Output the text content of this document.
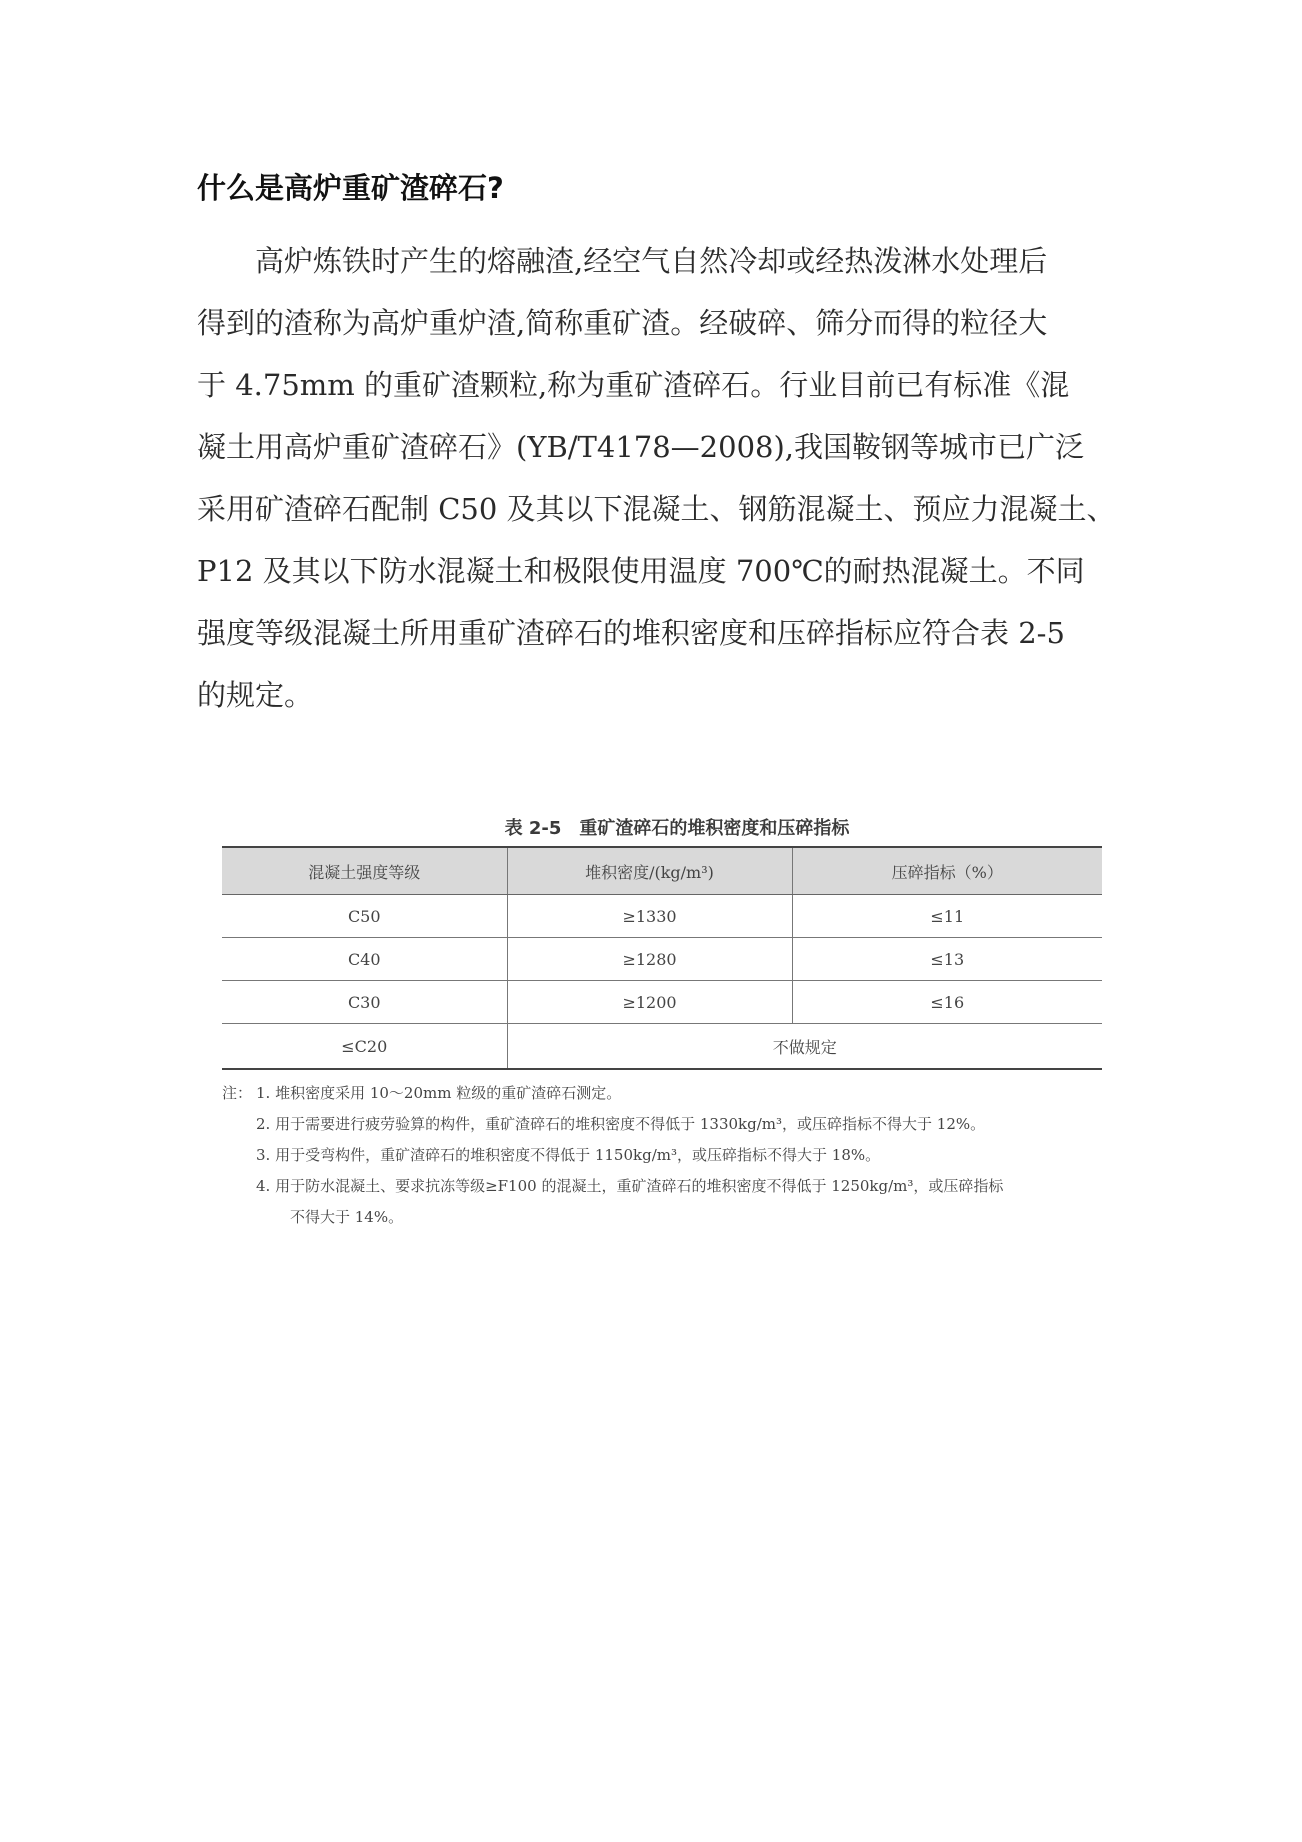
什么是高炉重矿渣碎石?
　　高炉炼铁时产生的熔融渣,经空气自然冷却或经热泼淋水处理后
得到的渣称为高炉重炉渣,简称重矿渣。经破碎、筛分而得的粒径大
于 4.75mm 的重矿渣颗粒,称为重矿渣碎石。行业目前已有标准《混
凝土用高炉重矿渣碎石》(YB/T4178—2008),我国鞍钢等城市已广泛
采用矿渣碎石配制 C50 及其以下混凝土、钢筋混凝土、预应力混凝土、
P12 及其以下防水混凝土和极限使用温度 700℃的耐热混凝土。不同
强度等级混凝土所用重矿渣碎石的堆积密度和压碎指标应符合表 2-5
的规定。
表 2-5　重矿渣碎石的堆积密度和压碎指标
混凝土强度等级	堆积密度/(kg/m³)	压碎指标（%）
C50	≥1330	≤11
C40	≥1280	≤13
C30	≥1200	≤16
≤C20	不做规定	
注： 1. 堆积密度采用 10～20mm 粒级的重矿渣碎石测定。
2. 用于需要进行疲劳验算的构件，重矿渣碎石的堆积密度不得低于 1330kg/m³，或压碎指标不得大于 12%。
3. 用于受弯构件，重矿渣碎石的堆积密度不得低于 1150kg/m³，或压碎指标不得大于 18%。
4. 用于防水混凝土、要求抗冻等级≥F100 的混凝土，重矿渣碎石的堆积密度不得低于 1250kg/m³，或压碎指标
不得大于 14%。
